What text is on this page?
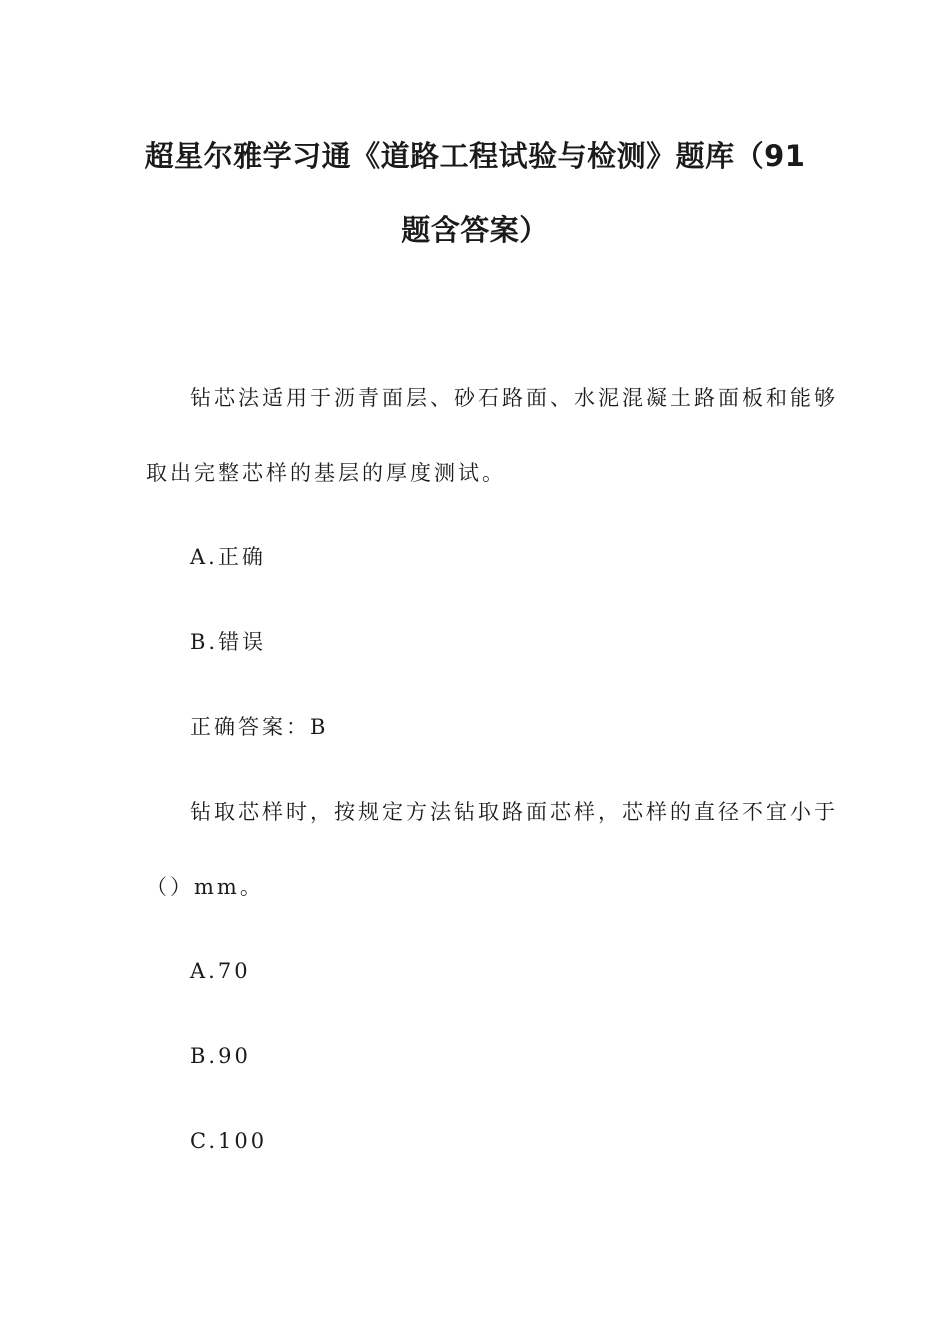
超星尔雅学习通《道路工程试验与检测》题库（91
题含答案）

钻芯法适用于沥青面层、砂石路面、水泥混凝土路面板和能够

取出完整芯样的基层的厚度测试。

A.正确

B.错误

正确答案：B

钻取芯样时，按规定方法钻取路面芯样，芯样的直径不宜小于

（）mm。

A.70

B.90

C.100
